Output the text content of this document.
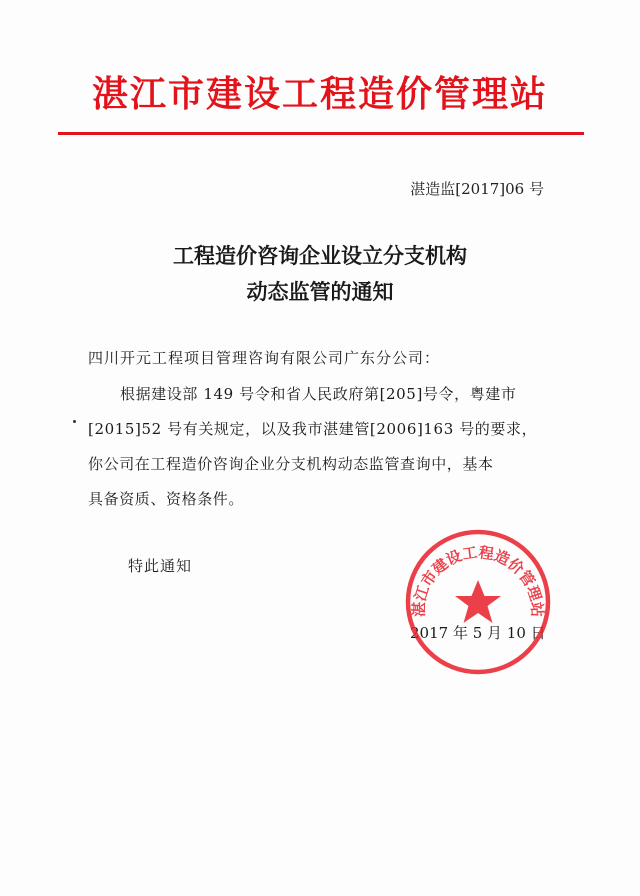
湛江市建设工程造价管理站
湛造监[2017]06 号
工程造价咨询企业设立分支机构
动态监管的通知
四川开元工程项目管理咨询有限公司广东分公司：
根据建设部 149 号令和省人民政府第[205]号令，粤建市
[2015]52 号有关规定，以及我市湛建管[2006]163 号的要求，
你公司在工程造价咨询企业分支机构动态监管查询中，基本
具备资质、资格条件。
特此通知
2017 年 5 月 10 日
湛江市建设工程造价管理站
